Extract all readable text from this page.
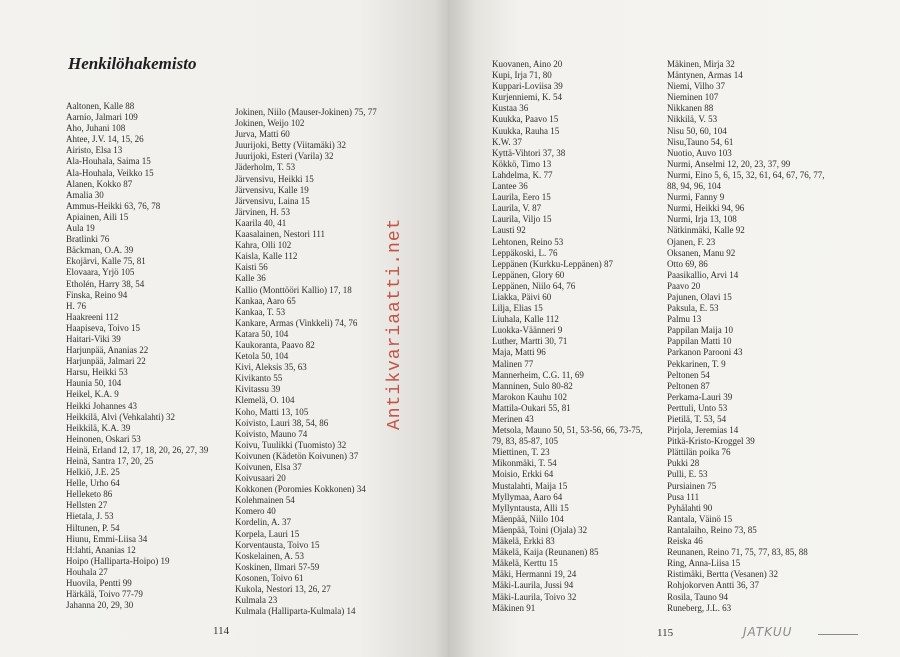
Henkilöhakemisto
Aaltonen, Kalle 88
Aarnio, Jalmari 109
Aho, Juhani 108
Ahtee, J.V. 14, 15, 26
Airisto, Elsa 13
Ala-Houhala, Saima 15
Ala-Houhala, Veikko 15
Alanen, Kokko 87
Amalia 30
Ammus-Heikki 63, 76, 78
Apiainen, Aili 15
Aula 19
Bratlinki 76
Bäckman, O.A. 39
Ekojärvi, Kalle 75, 81
Elovaara, Yrjö 105
Etholén, Harry 38, 54
Finska, Reino 94
H. 76
Haakreeni 112
Haapiseva, Toivo 15
Haitari-Viki 39
Harjunpää, Ananias 22
Harjunpää, Jalmari 22
Harsu, Heikki 53
Haunia 50, 104
Heikel, K.A. 9
Heikki Johannes 43
Heikkilä, Alvi (Vehkalahti) 32
Heikkilä, K.A. 39
Heinonen, Oskari 53
Heinä, Erland 12, 17, 18, 20, 26, 27, 39
Heinä, Santra 17, 20, 25
Helkiö, J.E. 25
Helle, Urho 64
Helleketo 86
Hellsten 27
Hietala, J. 53
Hiltunen, P. 54
Hiunu, Emmi-Liisa 34
H:lahti, Ananias 12
Hoipo (Halliparta-Hoipo) 19
Houhala 27
Huovila, Pentti 99
Härkälä, Toivo 77-79
Jahanna 20, 29, 30
Jokinen, Niilo (Mauser-Jokinen) 75, 77
Jokinen, Weijo 102
Jurva, Matti 60
Juurijoki, Betty (Viitamäki) 32
Juurijoki, Esteri (Varila) 32
Jäderholm, T. 53
Järvensivu, Heikki 15
Järvensivu, Kalle 19
Järvensivu, Laina 15
Järvinen, H. 53
Kaarila 40, 41
Kaasalainen, Nestori 111
Kahra, Olli 102
Kaisla, Kalle 112
Kaisti 56
Kalle 36
Kallio (Monttööri Kallio) 17, 18
Kankaa, Aaro 65
Kankaa, T. 53
Kankare, Armas (Vinkkeli) 74, 76
Katara 50, 104
Kaukoranta, Paavo 82
Ketola 50, 104
Kivi, Aleksis 35, 63
Kivikanto 55
Kivitassu 39
Klemelä, O. 104
Koho, Matti 13, 105
Koivisto, Lauri 38, 54, 86
Koivisto, Mauno 74
Koivu, Tuulikki (Tuomisto) 32
Koivunen (Kädetön Koivunen) 37
Koivunen, Elsa 37
Koivusaari 20
Kokkonen (Poromies Kokkonen) 34
Kolehmainen 54
Komero 40
Kordelin, A. 37
Korpela, Lauri 15
Korventausta, Toivo 15
Koskelainen, A. 53
Koskinen, Ilmari 57-59
Kosonen, Toivo 61
Kukola, Nestori 13, 26, 27
Kulmala 23
Kulmala (Halliparta-Kulmala) 14
114
Antikvariaatti.net
Kuovanen, Aino 20
Kupi, Irja 71, 80
Kuppari-Loviisa 39
Kurjenniemi, K. 54
Kustaa 36
Kuukka, Paavo 15
Kuukka, Rauha 15
K.W. 37
Kyttä-Vihtori 37, 38
Kökkö, Timo 13
Lahdelma, K. 77
Lantee 36
Laurila, Eero 15
Laurila, V. 87
Laurila, Viljo 15
Lausti 92
Lehtonen, Reino 53
Leppäkoski, L. 76
Leppänen (Kurkku-Leppänen) 87
Leppänen, Glory 60
Leppänen, Niilo 64, 76
Liakka, Päivi 60
Lilja, Elias 15
Liuhala, Kalle 112
Luokka-Väänneri 9
Luther, Martti 30, 71
Maja, Matti 96
Malinen 77
Mannerheim, C.G. 11, 69
Manninen, Sulo 80-82
Marokon Kauhu 102
Mattila-Oukari 55, 81
Merinen 43
Metsola, Mauno 50, 51, 53-56, 66, 73-75,
79, 83, 85-87, 105
Miettinen, T. 23
Mikonmäki, T. 54
Moisio, Erkki 64
Mustalahti, Maija 15
Myllymaa, Aaro 64
Myllyntausta, Alli 15
Mäenpää, Niilo 104
Mäenpää, Toini (Ojala) 32
Mäkelä, Erkki 83
Mäkelä, Kaija (Reunanen) 85
Mäkelä, Kerttu 15
Mäki, Hermanni 19, 24
Mäki-Laurila, Jussi 94
Mäki-Laurila, Toivo 32
Mäkinen 91
Mäkinen, Mirja 32
Mäntynen, Armas 14
Niemi, Vilho 37
Nieminen 107
Nikkanen 88
Nikkilä, V. 53
Nisu 50, 60, 104
Nisu,Tauno 54, 61
Nuotio, Auvo 103
Nurmi, Anselmi 12, 20, 23, 37, 99
Nurmi, Eino 5, 6, 15, 32, 61, 64, 67, 76, 77,
88, 94, 96, 104
Nurmi, Fanny 9
Nurmi, Heikki 94, 96
Nurmi, Irja 13, 108
Nätkinmäki, Kalle 92
Ojanen, F. 23
Oksanen, Manu 92
Otto 69, 86
Paasikallio, Arvi 14
Paavo 20
Pajunen, Olavi 15
Paksula, E. 53
Palmu 13
Pappilan Maija 10
Pappilan Matti 10
Parkanon Parooni 43
Pekkarinen, T. 9
Peltonen 54
Peltonen 87
Perkama-Lauri 39
Perttuli, Unto 53
Pietilä, T. 53, 54
Pirjola, Jeremias 14
Pitkä-Kristo-Kroggel 39
Plättilän poika 76
Pukki 28
Pulli, E. 53
Pursiainen 75
Pusa 111
Pyhälahti 90
Rantala, Väinö 15
Rantalaiho, Reino 73, 85
Reiska 46
Reunanen, Reino 71, 75, 77, 83, 85, 88
Ring, Anna-Liisa 15
Ristimäki, Bertta (Vesanen) 32
Rohjokorven Antti 36, 37
Rosila, Tauno 94
Runeberg, J.L. 63
115	JATKUU
